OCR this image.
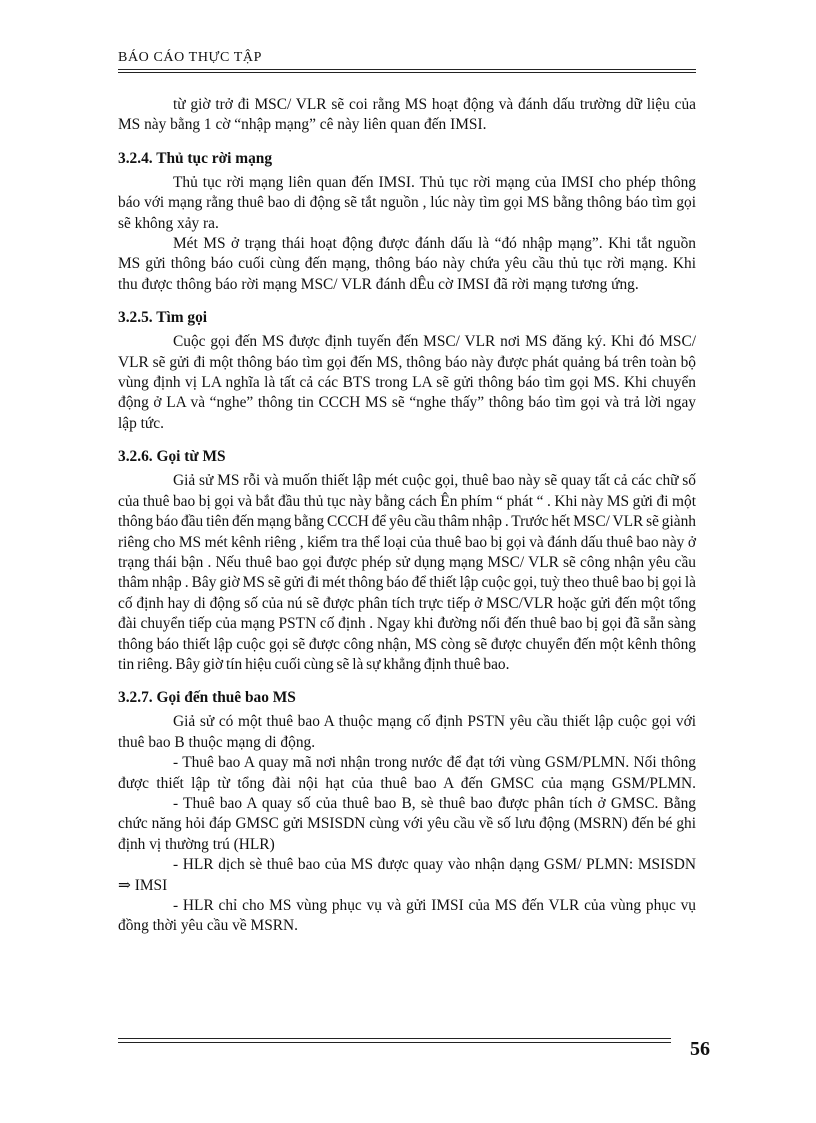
BÁO CÁO THỰC TẬP

từ giờ trở đi MSC/ VLR sẽ coi rằng MS hoạt động và đánh dấu trường dữ liệu của MS này bằng 1 cờ “nhập mạng” cê này liên quan đến IMSI.

3.2.4. Thủ tục rời mạng

Thủ tục rời mạng liên quan đến IMSI. Thủ tục rời mạng của IMSI cho phép thông báo với mạng rằng thuê bao di động sẽ tắt nguồn , lúc này tìm gọi MS bằng thông báo tìm gọi sẽ không xảy ra.

Mét MS ở trạng thái hoạt động được đánh dấu là “đó nhập mạng”. Khi tắt nguồn MS gửi thông báo cuối cùng đến mạng, thông báo này chứa yêu cầu thủ tục rời mạng. Khi thu được thông báo rời mạng MSC/ VLR đánh dÊu cờ IMSI đã rời mạng tương ứng.

3.2.5. Tìm gọi

Cuộc gọi đến MS được định tuyến đến MSC/ VLR nơi MS đăng ký. Khi đó MSC/ VLR sẽ gửi đi một thông báo tìm gọi đến MS, thông báo này được phát quảng bá trên toàn bộ vùng định vị LA nghĩa là tất cả các BTS trong LA sẽ gửi thông báo tìm gọi MS. Khi chuyển động ở LA và “nghe” thông tin CCCH MS sẽ “nghe thấy” thông báo tìm gọi và trả lời ngay lập tức.

3.2.6. Gọi từ MS

Giả sử MS rỗi và muốn thiết lập mét cuộc gọi, thuê bao này sẽ quay tất cả các chữ số của thuê bao bị gọi và bắt đầu thủ tục này bằng cách Ên phím “ phát “ . Khi này MS gửi đi một thông báo đầu tiên đến mạng bằng CCCH để yêu cầu thâm nhập . Trước hết MSC/ VLR sẽ giành riêng cho MS mét kênh riêng , kiểm tra thể loại của thuê bao bị gọi và đánh dấu thuê bao này ở trạng thái bận . Nếu thuê bao gọi được phép sử dụng mạng MSC/ VLR sẽ công nhận yêu cầu thâm nhập . Bây giờ MS sẽ gửi đi mét thông báo để thiết lập cuộc gọi, tuỳ theo thuê bao bị gọi là cố định hay di động số của nú sẽ được phân tích trực tiếp ở MSC/VLR hoặc gửi đến một tổng đài chuyển tiếp của mạng PSTN cố định . Ngay khi đường nối đến thuê bao bị gọi đã sẵn sàng thông báo thiết lập cuộc gọi sẽ được công nhận, MS còng sẽ được chuyển đến một kênh thông tin riêng. Bây giờ tín hiệu cuối cùng sẽ là sự khẳng định thuê bao.

3.2.7. Gọi đến thuê bao MS

Giả sử có một thuê bao A thuộc mạng cố định PSTN yêu cầu thiết lập cuộc gọi với thuê bao B thuộc mạng di động.

- Thuê bao A quay mã nơi nhận trong nước để đạt tới vùng GSM/PLMN. Nối thông được thiết lập từ tổng đài nội hạt của thuê bao A đến GMSC của mạng GSM/PLMN.

- Thuê bao A quay số của thuê bao B, sè thuê bao được phân tích ở GMSC. Bằng chức năng hỏi đáp GMSC gửi MSISDN cùng với yêu cầu về số lưu động (MSRN) đến bé ghi định vị thường trú (HLR)

- HLR dịch sè thuê bao của MS được quay vào nhận dạng GSM/ PLMN: MSISDN ⇒ IMSI

- HLR chỉ cho MS vùng phục vụ và gửi IMSI của MS đến VLR của vùng phục vụ đồng thời yêu cầu về MSRN.

56
